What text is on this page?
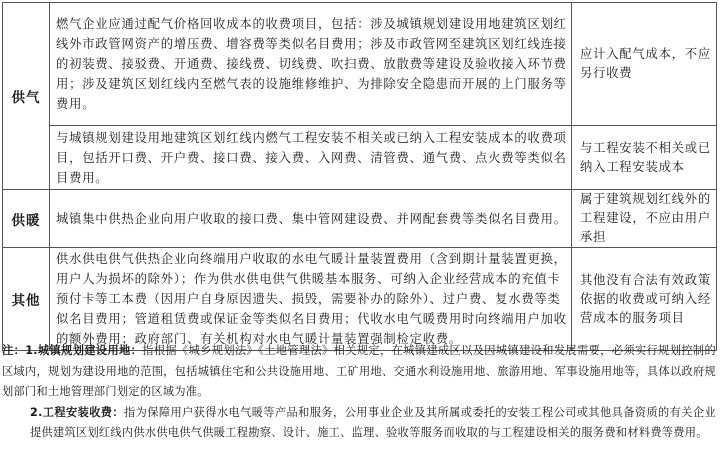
供气	燃气企业应通过配气价格回收成本的收费项目，包括：涉及城镇规划建设用地建筑区划红线外市政管网资产的增压费、增容费等类似名目费用；涉及市政管网至建筑区划红线连接的初装费、接驳费、开通费、接线费、切线费、吹扫费、放散费等建设及验收接入环节费用；涉及建筑区划红线内至燃气表的设施维修维护、为排除安全隐患而开展的上门服务等费用。	应计入配气成本，不应另行收费
	与城镇规划建设用地建筑区划红线内燃气工程安装不相关或已纳入工程安装成本的收费项目，包括开口费、开户费、接口费、接入费、入网费、清管费、通气费、点火费等类似名目费用。	与工程安装不相关或已纳入工程安装成本
供暖	城镇集中供热企业向用户收取的接口费、集中管网建设费、并网配套费等类似名目费用。	属于建筑规划红线外的工程建设，不应由用户承担
其他	供水供电供气供热企业向终端用户收取的水电气暖计量装置费用（含到期计量装置更换，用户人为损坏的除外）；作为供水供电供气供暖基本服务、可纳入企业经营成本的充值卡预付卡等工本费（因用户自身原因遗失、损毁，需要补办的除外）、过户费、复水费等类似名目费用；管道租赁费或保证金等类似名目费用；代收水电气暖费用时向终端用户加收的额外费用；政府部门、有关机构对水电气暖计量装置强制检定收费。	其他没有合法有效政策依据的收费或可纳入经营成本的服务项目

注：1.城镇规划建设用地：指根据《城乡规划法》《土地管理法》相关规定，在城镇建成区以及因城镇建设和发展需要，必须实行规划控制的区域内，规划为建设用地的范围，包括城镇住宅和公共设施用地、工矿用地、交通水利设施用地、旅游用地、军事设施用地等，具体以政府规划部门和土地管理部门划定的区域为准。

2.工程安装收费：指为保障用户获得水电气暖等产品和服务，公用事业企业及其所属或委托的安装工程公司或其他具备资质的有关企业提供建筑区划红线内供水供电供气供暖工程勘察、设计、施工、监理、验收等服务而收取的与工程建设相关的服务费和材料费等费用。
